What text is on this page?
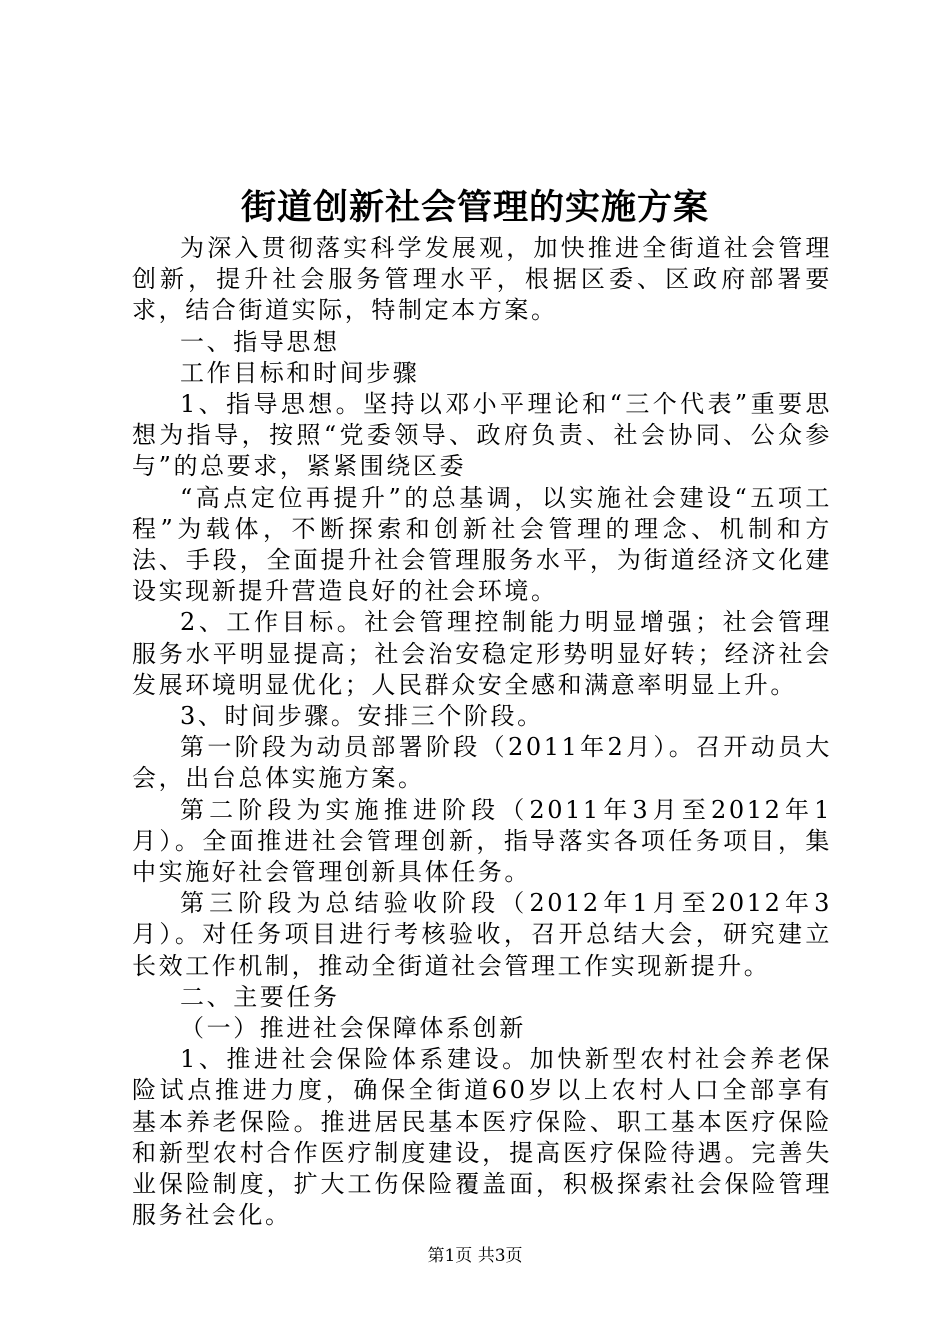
街道创新社会管理的实施方案

为深入贯彻落实科学发展观，加快推进全街道社会管理创新，提升社会服务管理水平，根据区委、区政府部署要求，结合街道实际，特制定本方案。

一、指导思想

工作目标和时间步骤

1、指导思想。坚持以邓小平理论和“三个代表”重要思想为指导，按照“党委领导、政府负责、社会协同、公众参与”的总要求，紧紧围绕区委

“高点定位再提升”的总基调，以实施社会建设“五项工程”为载体，不断探索和创新社会管理的理念、机制和方法、手段，全面提升社会管理服务水平，为街道经济文化建设实现新提升营造良好的社会环境。

2、工作目标。社会管理控制能力明显增强；社会管理服务水平明显提高；社会治安稳定形势明显好转；经济社会发展环境明显优化；人民群众安全感和满意率明显上升。

3、时间步骤。安排三个阶段。

第一阶段为动员部署阶段（2011年2月）。召开动员大会，出台总体实施方案。

第二阶段为实施推进阶段（2011年3月至2012年1月）。全面推进社会管理创新，指导落实各项任务项目，集中实施好社会管理创新具体任务。

第三阶段为总结验收阶段（2012年1月至2012年3月）。对任务项目进行考核验收，召开总结大会，研究建立长效工作机制，推动全街道社会管理工作实现新提升。

二、主要任务

（一）推进社会保障体系创新

1、推进社会保险体系建设。加快新型农村社会养老保险试点推进力度，确保全街道60岁以上农村人口全部享有基本养老保险。推进居民基本医疗保险、职工基本医疗保险和新型农村合作医疗制度建设，提高医疗保险待遇。完善失业保险制度，扩大工伤保险覆盖面，积极探索社会保险管理服务社会化。

第1页 共3页
